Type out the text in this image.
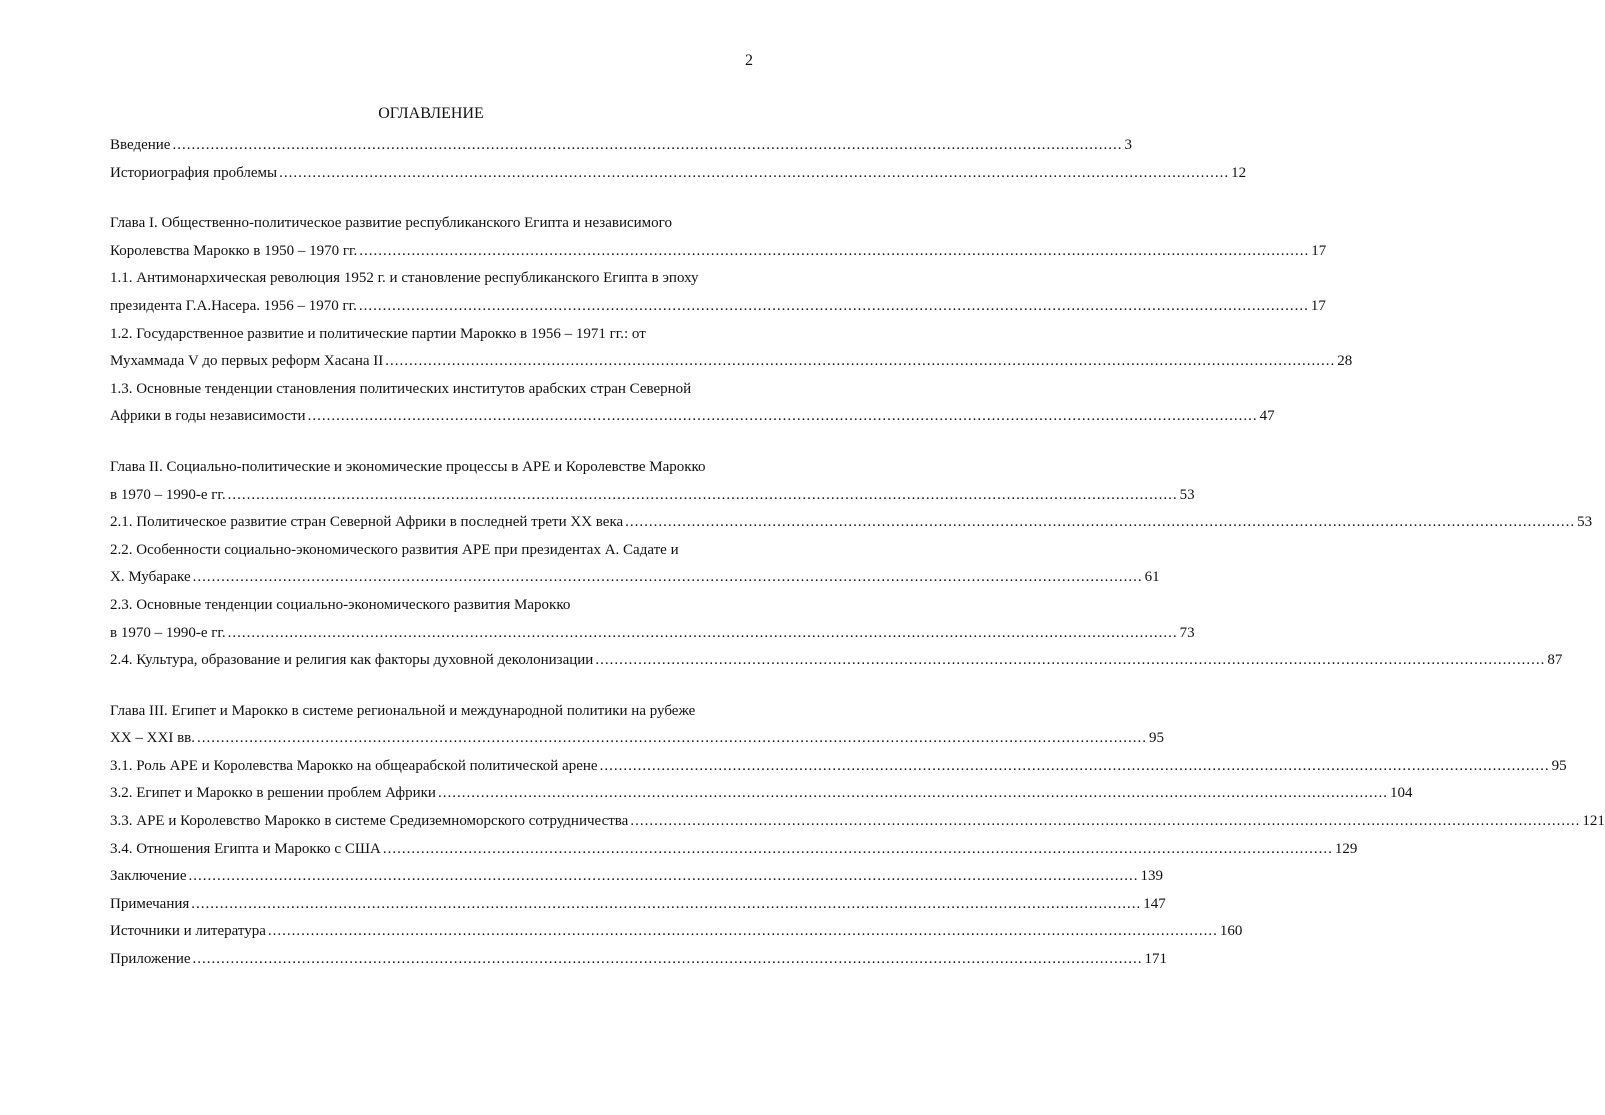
2
ОГЛАВЛЕНИЕ
Введение ........................................................................................................................................................................................................ 3
Историография проблемы ........................................................................................................................................................................................................ 12
Глава I. Общественно-политическое развитие республиканского Египта и независимого
Королевства Марокко в 1950 – 1970 гг. ........................................................................................................................................................................................................ 17
1.1. Антимонархическая революция 1952 г. и становление республиканского Египта в эпоху
президента Г.А.Насера. 1956 – 1970 гг. ........................................................................................................................................................................................................ 17
1.2. Государственное развитие и политические партии Марокко в 1956 – 1971 гг.: от
Мухаммада V до первых реформ Хасана II ........................................................................................................................................................................................................ 28
1.3. Основные тенденции становления политических институтов арабских стран Северной
Африки в годы независимости ........................................................................................................................................................................................................ 47
Глава II. Социально-политические и экономические процессы в АРЕ и Королевстве Марокко
в 1970 – 1990-е гг. ........................................................................................................................................................................................................ 53
2.1. Политическое развитие стран Северной Африки в последней трети XX века ........................................................................................................................................................................................................ 53
2.2. Особенности социально-экономического развития АРЕ при президентах А. Садате и
Х. Мубараке ........................................................................................................................................................................................................ 61
2.3. Основные тенденции социально-экономического развития Марокко
в 1970 – 1990-е гг. ........................................................................................................................................................................................................ 73
2.4. Культура, образование и религия как факторы духовной деколонизации ........................................................................................................................................................................................................ 87
Глава III. Египет и Марокко в системе региональной и международной политики на рубеже
XX – XXI вв. ........................................................................................................................................................................................................ 95
3.1. Роль АРЕ и Королевства Марокко на общеарабской политической арене ........................................................................................................................................................................................................ 95
3.2. Египет и Марокко в решении проблем Африки ........................................................................................................................................................................................................ 104
3.3. АРЕ и Королевство Марокко в системе Средиземноморского сотрудничества ........................................................................................................................................................................................................ 121
3.4. Отношения Египта и Марокко с США ........................................................................................................................................................................................................ 129
Заключение ........................................................................................................................................................................................................ 139
Примечания ........................................................................................................................................................................................................ 147
Источники и литература ........................................................................................................................................................................................................ 160
Приложение ........................................................................................................................................................................................................ 171
